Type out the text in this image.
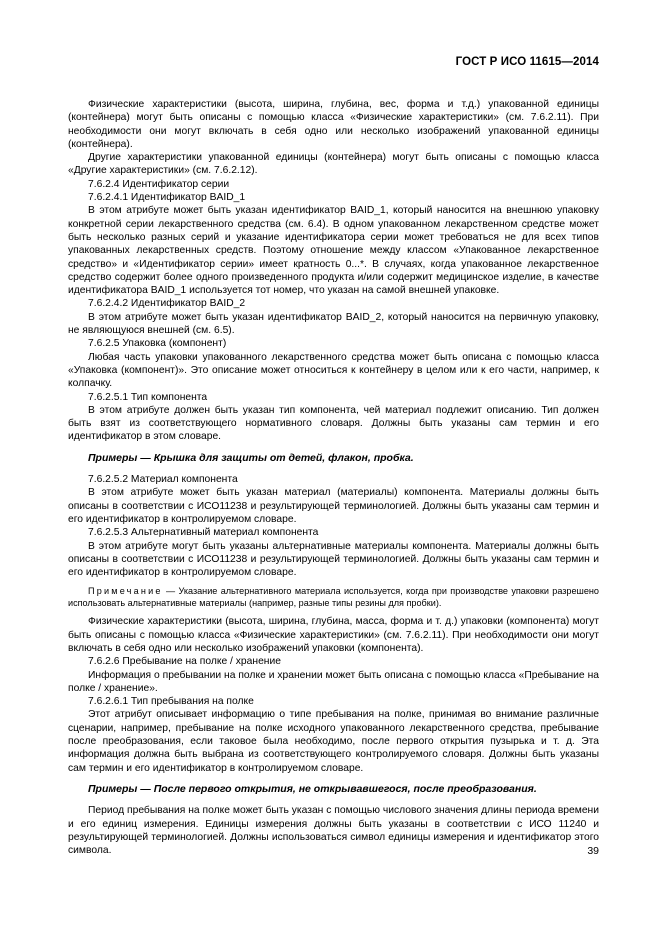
ГОСТ Р ИСО 11615—2014

Физические характеристики (высота, ширина, глубина, вес, форма и т.д.) упакованной единицы (контейнера) могут быть описаны с помощью класса «Физические характеристики» (см. 7.6.2.11). При необходимости они могут включать в себя одно или несколько изображений упакованной единицы (контейнера).

Другие характеристики упакованной единицы (контейнера) могут быть описаны с помощью класса «Другие характеристики» (см. 7.6.2.12).

7.6.2.4 Идентификатор серии

7.6.2.4.1 Идентификатор BAID_1

В этом атрибуте может быть указан идентификатор BAID_1, который наносится на внешнюю упаковку конкретной серии лекарственного средства (см. 6.4). В одном упакованном лекарственном средстве может быть несколько разных серий и указание идентификатора серии может требоваться не для всех типов упакованных лекарственных средств. Поэтому отношение между классом «Упакованное лекарственное средство» и «Идентификатор серии» имеет кратность 0...*. В случаях, когда упакованное лекарственное средство содержит более одного произведенного продукта и/или содержит медицинское изделие, в качестве идентификатора BAID_1 используется тот номер, что указан на самой внешней упаковке.

7.6.2.4.2 Идентификатор BAID_2

В этом атрибуте может быть указан идентификатор BAID_2, который наносится на первичную упаковку, не являющуюся внешней (см. 6.5).

7.6.2.5 Упаковка (компонент)

Любая часть упаковки упакованного лекарственного средства может быть описана с помощью класса «Упаковка (компонент)». Это описание может относиться к контейнеру в целом или к его части, например, к колпачку.

7.6.2.5.1 Тип компонента

В этом атрибуте должен быть указан тип компонента, чей материал подлежит описанию. Тип должен быть взят из соответствующего нормативного словаря. Должны быть указаны сам термин и его идентификатор в этом словаре.

Примеры — Крышка для защиты от детей, флакон, пробка.

7.6.2.5.2 Материал компонента

В этом атрибуте может быть указан материал (материалы) компонента. Материалы должны быть описаны в соответствии с ИСО11238 и результирующей терминологией. Должны быть указаны сам термин и его идентификатор в контролируемом словаре.

7.6.2.5.3 Альтернативный материал компонента

В этом атрибуте могут быть указаны альтернативные материалы компонента. Материалы должны быть описаны в соответствии с ИСО11238 и результирующей терминологией. Должны быть указаны сам термин и его идентификатор в контролируемом словаре.

Примечание — Указание альтернативного материала используется, когда при производстве упаковки разрешено использовать альтернативные материалы (например, разные типы резины для пробки).

Физические характеристики (высота, ширина, глубина, масса, форма и т. д.) упаковки (компонента) могут быть описаны с помощью класса «Физические характеристики» (см. 7.6.2.11). При необходимости они могут включать в себя одно или несколько изображений упаковки (компонента).

7.6.2.6 Пребывание на полке / хранение

Информация о пребывании на полке и хранении может быть описана с помощью класса «Пребывание на полке / хранение».

7.6.2.6.1 Тип пребывания на полке

Этот атрибут описывает информацию о типе пребывания на полке, принимая во внимание различные сценарии, например, пребывание на полке исходного упакованного лекарственного средства, пребывание после преобразования, если таковое была необходимо, после первого открытия пузырька и т. д. Эта информация должна быть выбрана из соответствующего контролируемого словаря. Должны быть указаны сам термин и его идентификатор в контролируемом словаре.

Примеры — После первого открытия, не открывавшегося, после преобразования.

Период пребывания на полке может быть указан с помощью числового значения длины периода времени и его единиц измерения. Единицы измерения должны быть указаны в соответствии с ИСО 11240 и результирующей терминологией. Должны использоваться символ единицы измерения и идентификатор этого символа.	39
